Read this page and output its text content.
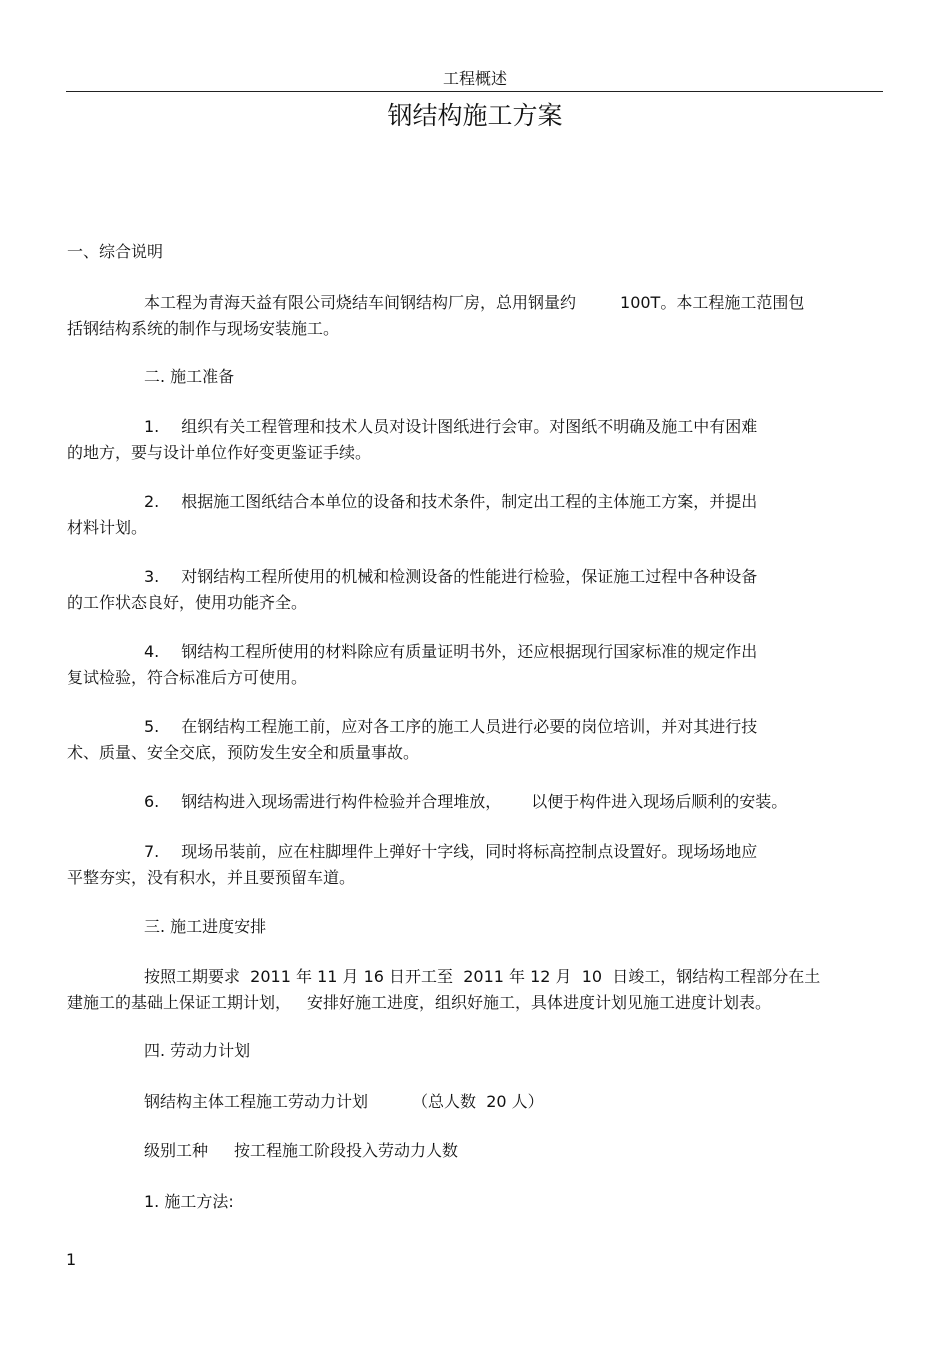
工程概述
钢结构施工方案
一、综合说明
本工程为青海天益有限公司烧结车间钢结构厂房，总用钢量约	100T。本工程施工范围包
括钢结构系统的制作与现场安装施工。
二. 施工准备
1. 组织有关工程管理和技术人员对设计图纸进行会审。对图纸不明确及施工中有困难
的地方，要与设计单位作好变更鉴证手续。
2. 根据施工图纸结合本单位的设备和技术条件，制定出工程的主体施工方案，并提出
材料计划。
3. 对钢结构工程所使用的机械和检测设备的性能进行检验，保证施工过程中各种设备
的工作状态良好，使用功能齐全。
4. 钢结构工程所使用的材料除应有质量证明书外，还应根据现行国家标准的规定作出
复试检验，符合标准后方可使用。
5. 在钢结构工程施工前，应对各工序的施工人员进行必要的岗位培训，并对其进行技
术、质量、安全交底，预防发生安全和质量事故。
6. 钢结构进入现场需进行构件检验并合理堆放， 以便于构件进入现场后顺利的安装。
7. 现场吊装前，应在柱脚埋件上弹好十字线，同时将标高控制点设置好。现场场地应
平整夯实，没有积水，并且要预留车道。
三. 施工进度安排
按照工期要求  2011 年 11 月 16 日开工至  2011 年 12 月  10  日竣工，钢结构工程部分在土
建施工的基础上保证工期计划， 安排好施工进度，组织好施工，具体进度计划见施工进度计划表。
四. 劳动力计划
钢结构主体工程施工劳动力计划	（总人数  20 人）
级别工种 按工程施工阶段投入劳动力人数
1. 施工方法:
1
